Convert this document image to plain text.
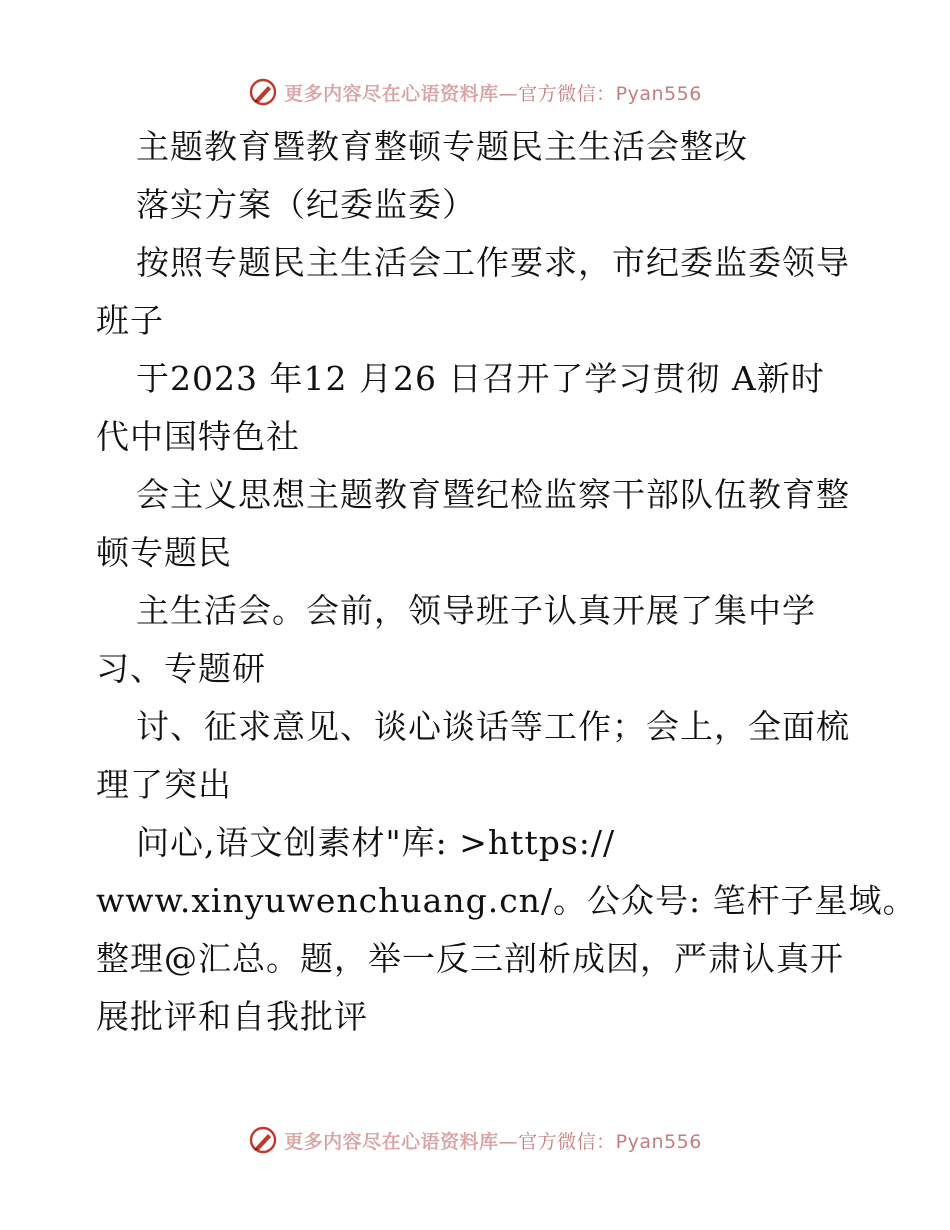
更多内容尽在心语资料库—官方微信：Pyan556
主题教育暨教育整顿专题民主生活会整改
落实方案（纪委监委）
按照专题民主生活会工作要求，市纪委监委领导
班子
于2023 年12 月26 日召开了学习贯彻 A新时
代中国特色社
会主义思想主题教育暨纪检监察干部队伍教育整
顿专题民
主生活会。会前，领导班子认真开展了集中学
习、专题研
讨、征求意见、谈心谈话等工作；会上，全面梳
理了突出
问心,语文创素材"库: >https://
www.xinyuwenchuang.cn/。公众号: 笔杆子星域。
整理@汇总。题，举一反三剖析成因，严肃认真开
展批评和自我批评
更多内容尽在心语资料库—官方微信：Pyan556
